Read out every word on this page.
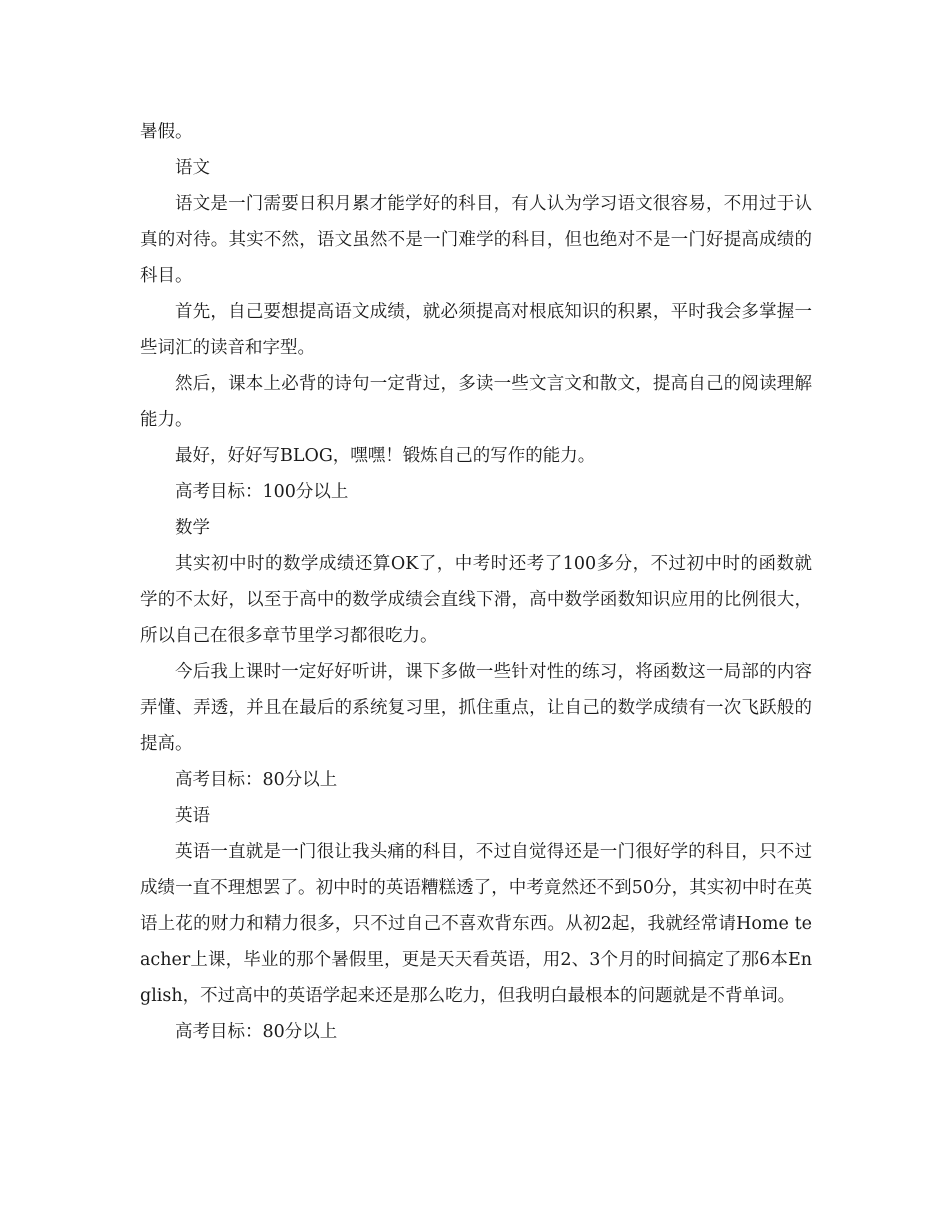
暑假。

语文

语文是一门需要日积月累才能学好的科目，有人认为学习语文很容易，不用过于认真的对待。其实不然，语文虽然不是一门难学的科目，但也绝对不是一门好提高成绩的科目。

首先，自己要想提高语文成绩，就必须提高对根底知识的积累，平时我会多掌握一些词汇的读音和字型。

然后，课本上必背的诗句一定背过，多读一些文言文和散文，提高自己的阅读理解能力。

最好，好好写BLOG，嘿嘿！锻炼自己的写作的能力。

高考目标：100分以上

数学

其实初中时的数学成绩还算OK了，中考时还考了100多分，不过初中时的函数就学的不太好，以至于高中的数学成绩会直线下滑，高中数学函数知识应用的比例很大，所以自己在很多章节里学习都很吃力。

今后我上课时一定好好听讲，课下多做一些针对性的练习，将函数这一局部的内容弄懂、弄透，并且在最后的系统复习里，抓住重点，让自己的数学成绩有一次飞跃般的提高。

高考目标：80分以上

英语

英语一直就是一门很让我头痛的科目，不过自觉得还是一门很好学的科目，只不过成绩一直不理想罢了。初中时的英语糟糕透了，中考竟然还不到50分，其实初中时在英语上花的财力和精力很多，只不过自己不喜欢背东西。从初2起，我就经常请Home teacher上课，毕业的那个暑假里，更是天天看英语，用2、3个月的时间搞定了那6本English，不过高中的英语学起来还是那么吃力，但我明白最根本的问题就是不背单词。

高考目标：80分以上
